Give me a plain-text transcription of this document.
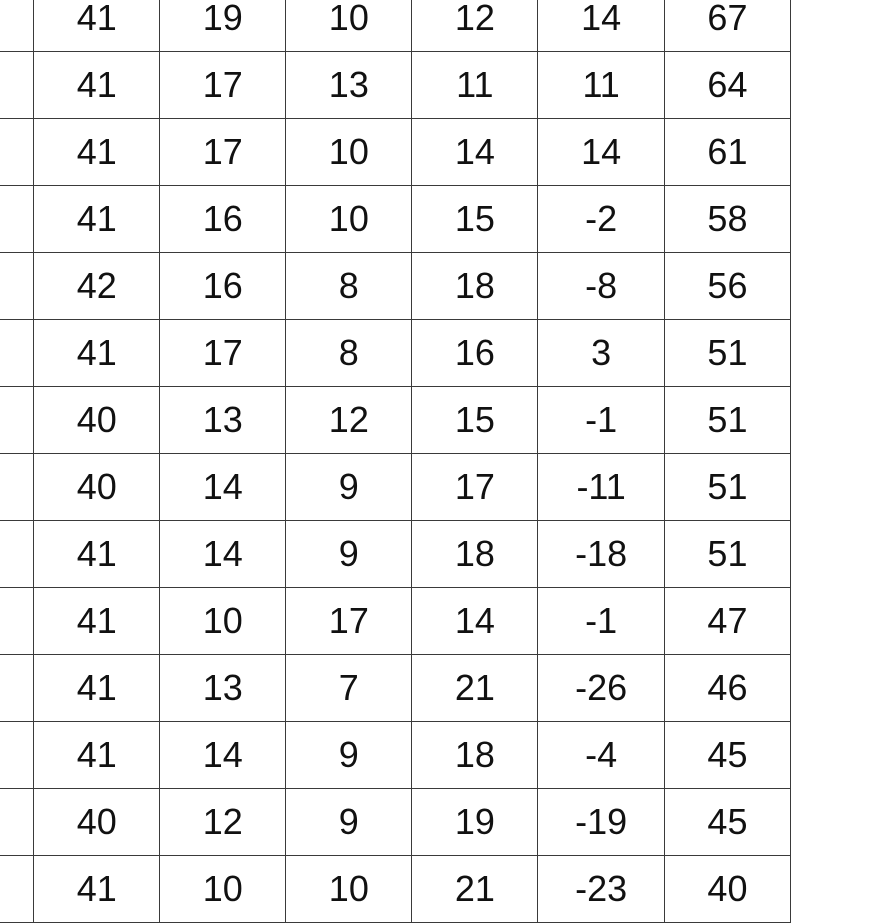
	41	19	10	12	14	67
	41	17	13	11	11	64
	41	17	10	14	14	61
	41	16	10	15	-2	58
	42	16	8	18	-8	56
	41	17	8	16	3	51
	40	13	12	15	-1	51
	40	14	9	17	-11	51
	41	14	9	18	-18	51
	41	10	17	14	-1	47
	41	13	7	21	-26	46
	41	14	9	18	-4	45
	40	12	9	19	-19	45
	41	10	10	21	-23	40
